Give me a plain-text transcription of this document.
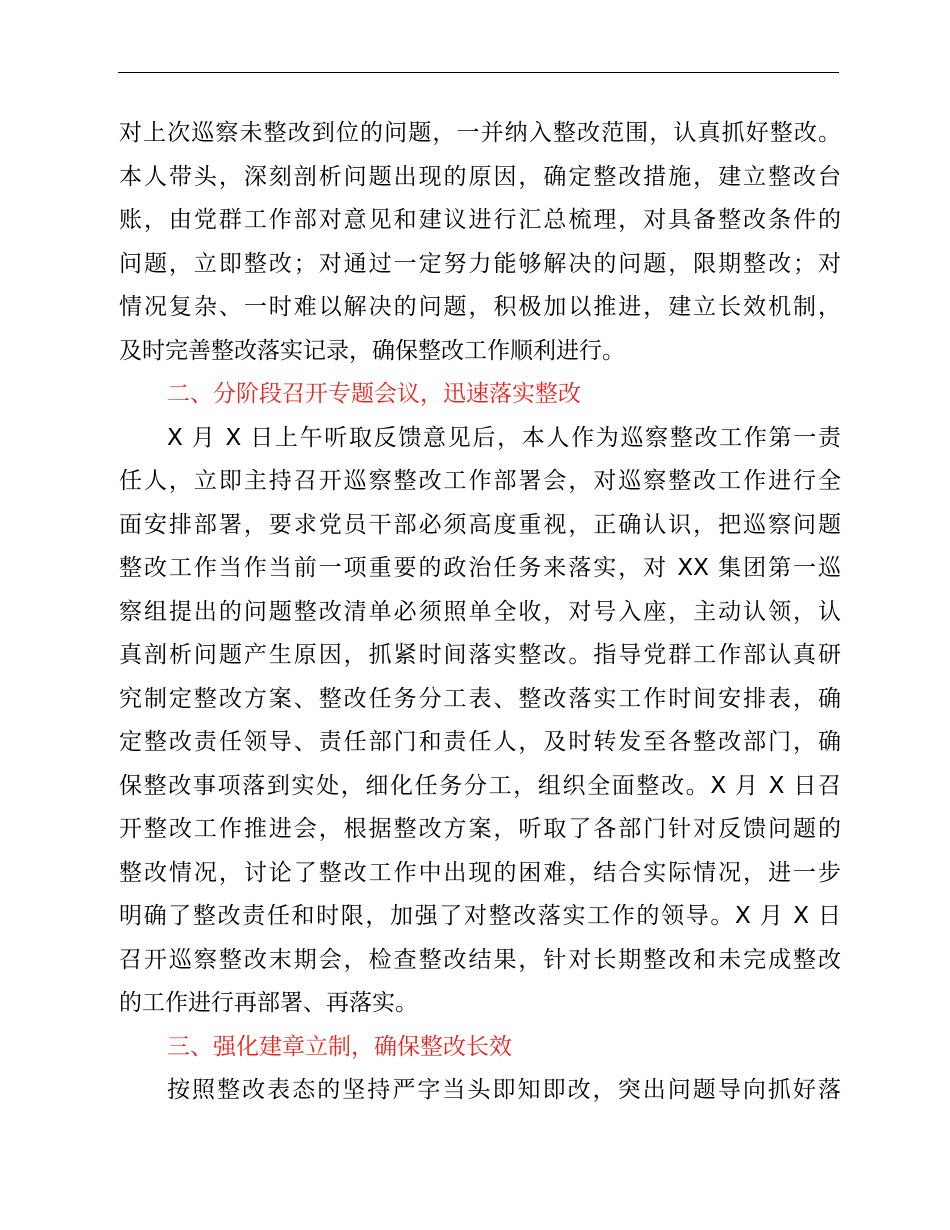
对上次巡察未整改到位的问题，一并纳入整改范围，认真抓好整改。
本人带头，深刻剖析问题出现的原因，确定整改措施，建立整改台
账，由党群工作部对意见和建议进行汇总梳理，对具备整改条件的
问题，立即整改；对通过一定努力能够解决的问题，限期整改；对
情况复杂、一时难以解决的问题，积极加以推进，建立长效机制，
及时完善整改落实记录，确保整改工作顺利进行。
二、分阶段召开专题会议，迅速落实整改
X 月 X 日上午听取反馈意见后，本人作为巡察整改工作第一责
任人，立即主持召开巡察整改工作部署会，对巡察整改工作进行全
面安排部署，要求党员干部必须高度重视，正确认识，把巡察问题
整改工作当作当前一项重要的政治任务来落实，对 XX 集团第一巡
察组提出的问题整改清单必须照单全收，对号入座，主动认领，认
真剖析问题产生原因，抓紧时间落实整改。指导党群工作部认真研
究制定整改方案、整改任务分工表、整改落实工作时间安排表，确
定整改责任领导、责任部门和责任人，及时转发至各整改部门，确
保整改事项落到实处，细化任务分工，组织全面整改。X 月 X 日召
开整改工作推进会，根据整改方案，听取了各部门针对反馈问题的
整改情况，讨论了整改工作中出现的困难，结合实际情况，进一步
明确了整改责任和时限，加强了对整改落实工作的领导。X 月 X 日
召开巡察整改末期会，检查整改结果，针对长期整改和未完成整改
的工作进行再部署、再落实。
三、强化建章立制，确保整改长效
按照整改表态的坚持严字当头即知即改，突出问题导向抓好落
